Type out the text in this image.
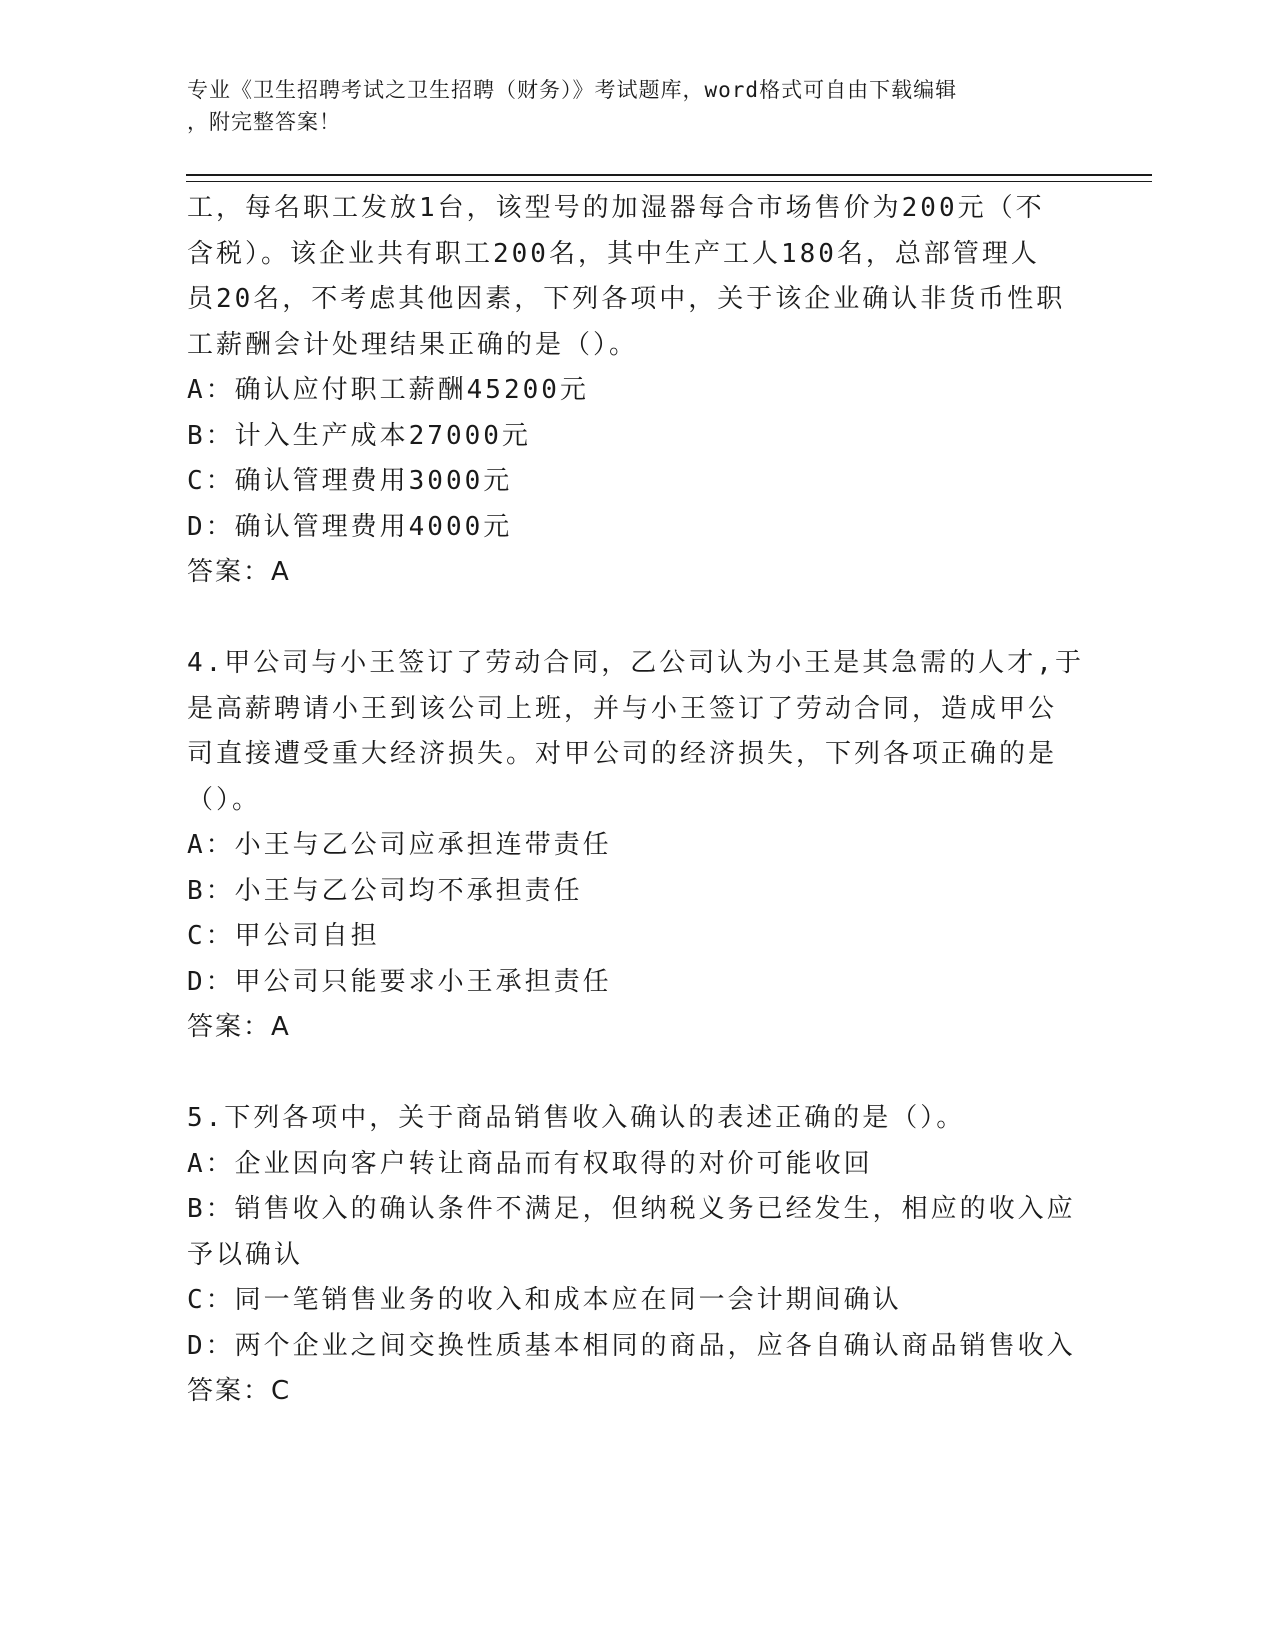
专业《卫生招聘考试之卫生招聘（财务）》考试题库，word格式可自由下载编辑
，附完整答案！
工，每名职工发放1台，该型号的加湿器每合市场售价为200元（不
含税）。该企业共有职工200名，其中生产工人180名，总部管理人
员20名，不考虑其他因素，下列各项中，关于该企业确认非货币性职
工薪酬会计处理结果正确的是（）。
A：确认应付职工薪酬45200元
B：计入生产成本27000元
C：确认管理费用3000元
D：确认管理费用4000元
答案：A
4.甲公司与小王签订了劳动合同，乙公司认为小王是其急需的人才,于
是高薪聘请小王到该公司上班，并与小王签订了劳动合同，造成甲公
司直接遭受重大经济损失。对甲公司的经济损失，下列各项正确的是
（）。
A：小王与乙公司应承担连带责任
B：小王与乙公司均不承担责任
C：甲公司自担
D：甲公司只能要求小王承担责任
答案：A
5.下列各项中，关于商品销售收入确认的表述正确的是（）。
A：企业因向客户转让商品而有权取得的对价可能收回
B：销售收入的确认条件不满足，但纳税义务已经发生，相应的收入应
予以确认
C：同一笔销售业务的收入和成本应在同一会计期间确认
D：两个企业之间交换性质基本相同的商品，应各自确认商品销售收入
答案：C
